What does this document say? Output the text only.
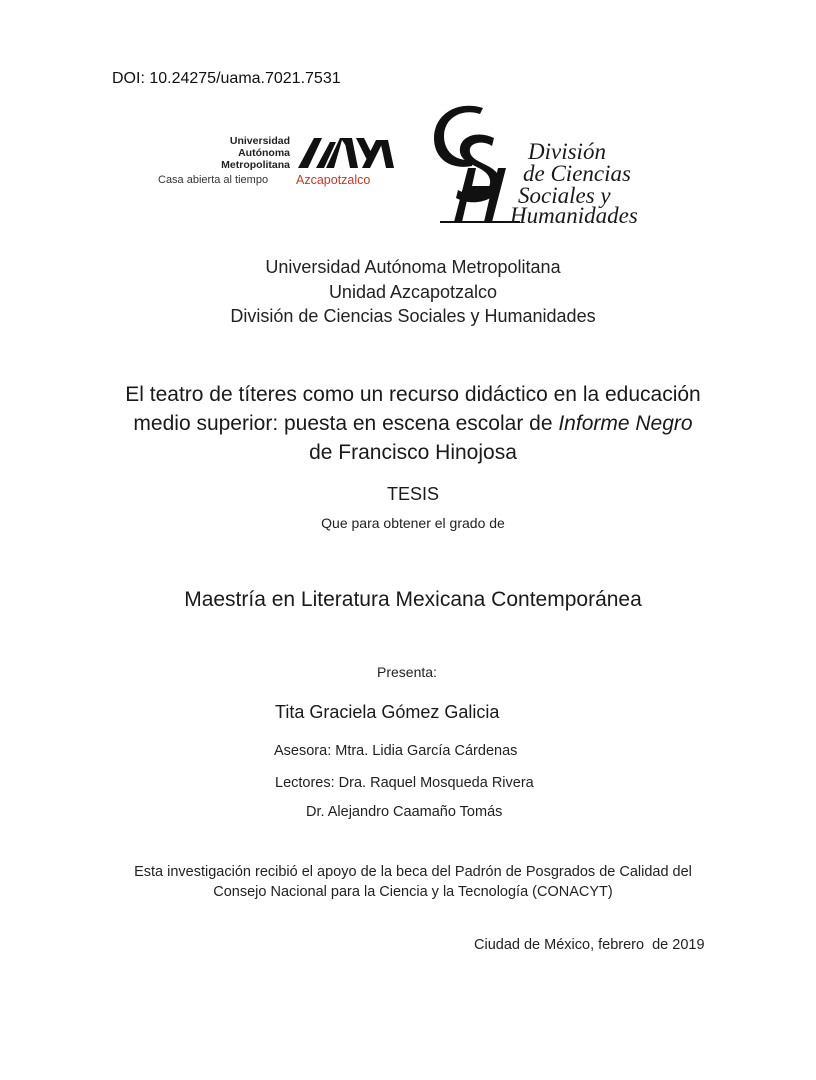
DOI: 10.24275/uama.7021.7531
Universidad
Autónoma
Metropolitana
Casa abierta al tiempo Azcapotzalco
División
de Ciencias
Sociales y
Humanidades
Universidad Autónoma Metropolitana
Unidad Azcapotzalco
División de Ciencias Sociales y Humanidades
El teatro de títeres como un recurso didáctico en la educación
medio superior: puesta en escena escolar de Informe Negro
de Francisco Hinojosa
TESIS
Que para obtener el grado de
Maestría en Literatura Mexicana Contemporánea
Presenta:
Tita Graciela Gómez Galicia
Asesora: Mtra. Lidia García Cárdenas
Lectores: Dra. Raquel Mosqueda Rivera
Dr. Alejandro Caamaño Tomás
Esta investigación recibió el apoyo de la beca del Padrón de Posgrados de Calidad del
Consejo Nacional para la Ciencia y la Tecnología (CONACYT)
Ciudad de México, febrero  de 2019
